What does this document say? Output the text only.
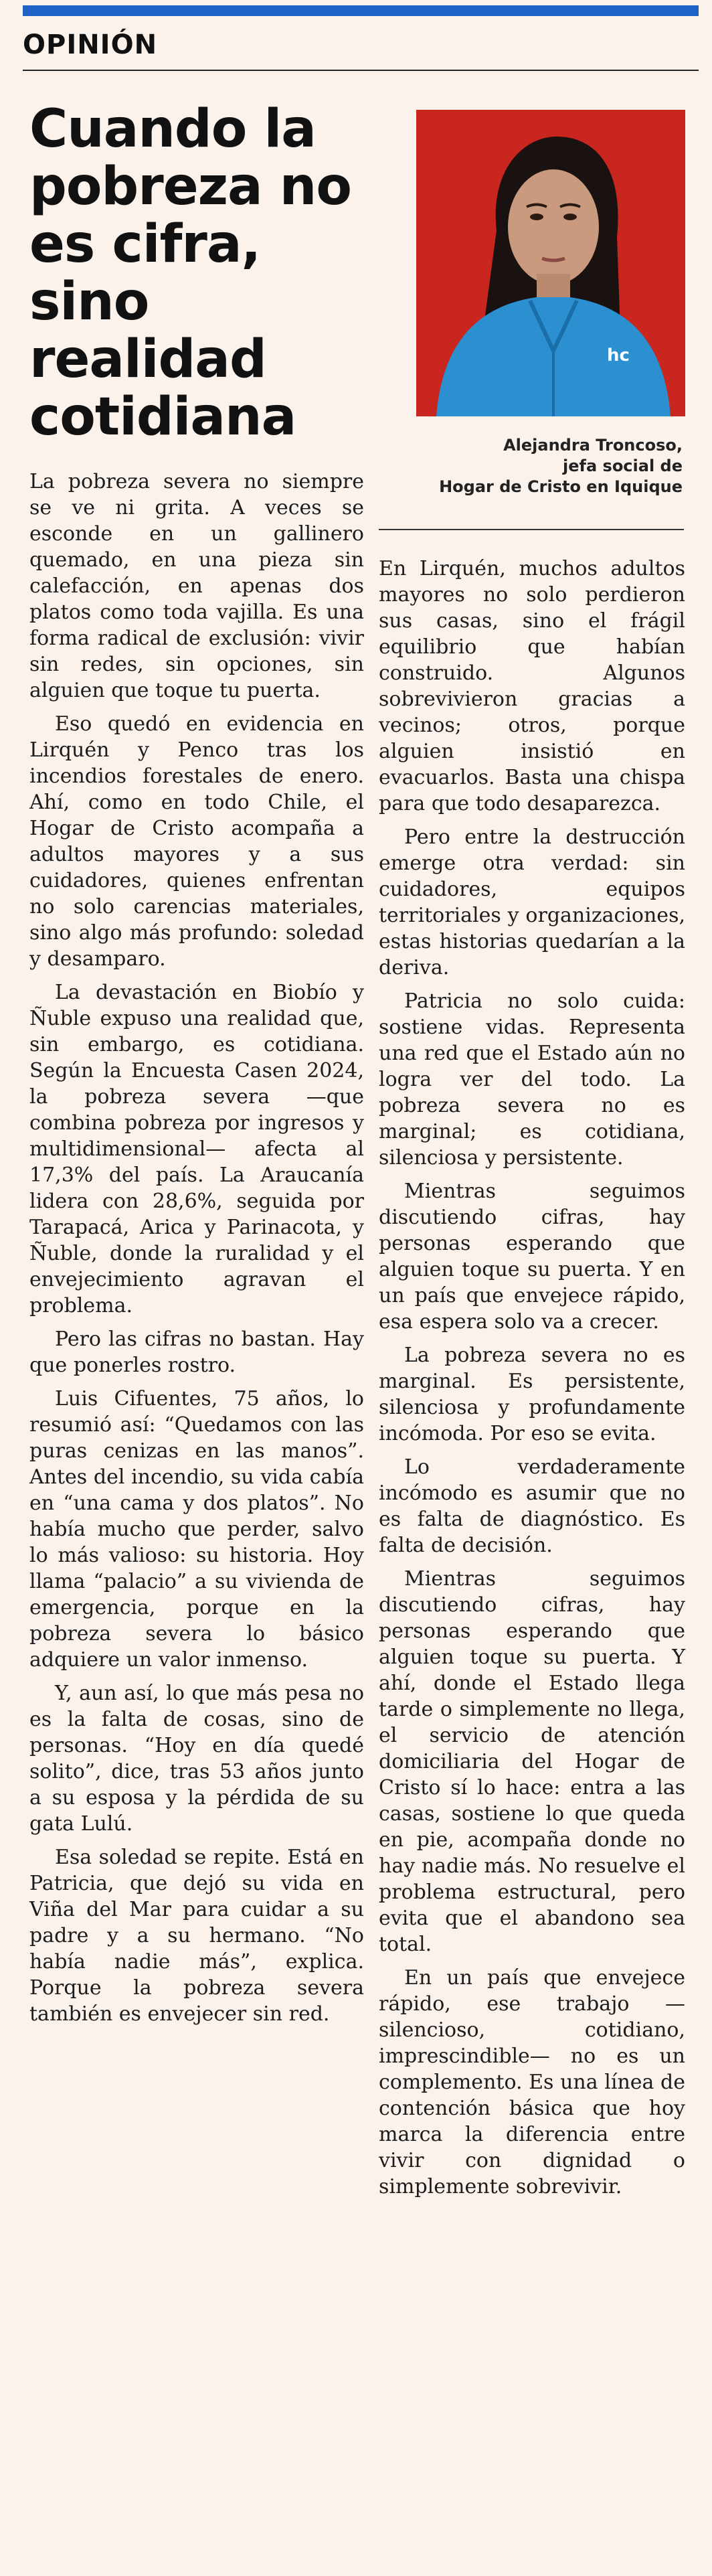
OPINIÓN
Cuando la pobreza no es cifra, sino realidad cotidiana
hc
Alejandra Troncoso,
jefa social de
Hogar de Cristo en Iquique

La pobreza severa no siempre se ve ni grita. A veces se esconde en un gallinero quemado, en una pieza sin calefacción, en apenas dos platos como toda vajilla. Es una forma radical de exclusión: vivir sin redes, sin opciones, sin alguien que toque tu puerta.

Eso quedó en evidencia en Lirquén y Penco tras los incendios forestales de enero. Ahí, como en todo Chile, el Hogar de Cristo acompaña a adultos mayores y a sus cuidadores, quienes enfrentan no solo carencias materiales, sino algo más profundo: soledad y desamparo.

La devastación en Biobío y Ñuble expuso una realidad que, sin embargo, es cotidiana. Según la Encuesta Casen 2024, la pobreza severa —que combina pobreza por ingresos y multidimensional— afecta al 17,3% del país. La Araucanía lidera con 28,6%, seguida por Tarapacá, Arica y Parinacota, y Ñuble, donde la ruralidad y el envejecimiento agravan el problema.

Pero las cifras no bastan. Hay que ponerles rostro.

Luis Cifuentes, 75 años, lo resumió así: “Quedamos con las puras cenizas en las manos”. Antes del incendio, su vida cabía en “una cama y dos platos”. No había mucho que perder, salvo lo más valioso: su historia. Hoy llama “palacio” a su vivienda de emergencia, porque en la pobreza severa lo básico adquiere un valor inmenso.

Y, aun así, lo que más pesa no es la falta de cosas, sino de personas. “Hoy en día quedé solito”, dice, tras 53 años junto a su esposa y la pérdida de su gata Lulú.

Esa soledad se repite. Está en Patricia, que dejó su vida en Viña del Mar para cuidar a su padre y a su hermano. “No había nadie más”, explica. Porque la pobreza severa también es envejecer sin red.

En Lirquén, muchos adultos mayores no solo perdieron sus casas, sino el frágil equilibrio que habían construido. Algunos sobrevivieron gracias a vecinos; otros, porque alguien insistió en evacuarlos. Basta una chispa para que todo desaparezca.

Pero entre la destrucción emerge otra verdad: sin cuidadores, equipos territoriales y organizaciones, estas historias quedarían a la deriva.

Patricia no solo cuida: sostiene vidas. Representa una red que el Estado aún no logra ver del todo. La pobreza severa no es marginal; es cotidiana, silenciosa y persistente.

Mientras seguimos discutiendo cifras, hay personas esperando que alguien toque su puerta. Y en un país que envejece rápido, esa espera solo va a crecer.

La pobreza severa no es marginal. Es persistente, silenciosa y profundamente incómoda. Por eso se evita.

Lo verdaderamente incómodo es asumir que no es falta de diagnóstico. Es falta de decisión.

Mientras seguimos discutiendo cifras, hay personas esperando que alguien toque su puerta. Y ahí, donde el Estado llega tarde o simplemente no llega, el servicio de atención domiciliaria del Hogar de Cristo sí lo hace: entra a las casas, sostiene lo que queda en pie, acompaña donde no hay nadie más. No resuelve el problema estructural, pero evita que el abandono sea total.

En un país que envejece rápido, ese trabajo —silencioso, cotidiano, imprescindible— no es un complemento. Es una línea de contención básica que hoy marca la diferencia entre vivir con dignidad o simplemente sobrevivir.
